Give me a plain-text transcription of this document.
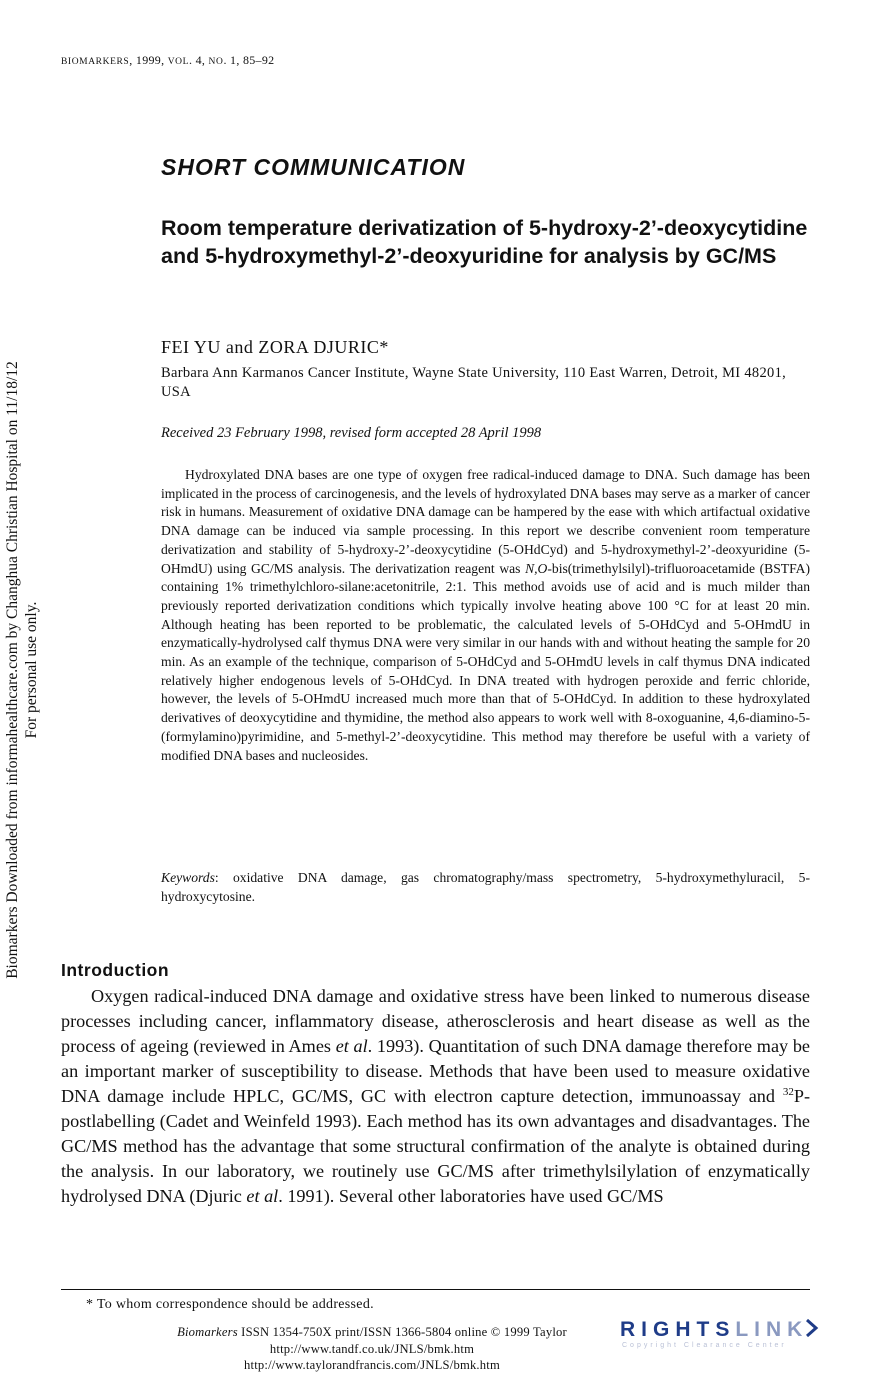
BIOMARKERS, 1999, VOL. 4, NO. 1, 85–92
SHORT COMMUNICATION
Room temperature derivatization of 5-hydroxy-2’-deoxycytidine and 5-hydroxymethyl-2’-deoxyuridine for analysis by GC/MS
FEI YU and ZORA DJURIC*
Barbara Ann Karmanos Cancer Institute, Wayne State University, 110 East Warren, Detroit, MI 48201, USA
Received 23 February 1998, revised form accepted 28 April 1998

Hydroxylated DNA bases are one type of oxygen free radical-induced damage to DNA. Such damage has been implicated in the process of carcinogenesis, and the levels of hydroxylated DNA bases may serve as a marker of cancer risk in humans. Measurement of oxidative DNA damage can be hampered by the ease with which artifactual oxidative DNA damage can be induced via sample processing. In this report we describe convenient room temperature derivatization and stability of 5-hydroxy-2’-deoxycytidine (5-OHdCyd) and 5-hydroxymethyl-2’-deoxyuridine (5-OHmdU) using GC/MS analysis. The derivatization reagent was N,O-bis(trimethylsilyl)-trifluoroacetamide (BSTFA) containing 1% trimethylchloro-silane:acetonitrile, 2:1. This method avoids use of acid and is much milder than previously reported derivatization conditions which typically involve heating above 100 °C for at least 20 min. Although heating has been reported to be problematic, the calculated levels of 5-OHdCyd and 5-OHmdU in enzymatically-hydrolysed calf thymus DNA were very similar in our hands with and without heating the sample for 20 min. As an example of the technique, comparison of 5-OHdCyd and 5-OHmdU levels in calf thymus DNA indicated relatively higher endogenous levels of 5-OHdCyd. In DNA treated with hydrogen peroxide and ferric chloride, however, the levels of 5-OHmdU increased much more than that of 5-OHdCyd. In addition to these hydroxylated derivatives of deoxycytidine and thymidine, the method also appears to work well with 8-oxoguanine, 4,6-diamino-5-(formylamino)pyrimidine, and 5-methyl-2’-deoxycytidine. This method may therefore be useful with a variety of modified DNA bases and nucleosides.

Keywords: oxidative DNA damage, gas chromatography/mass spectrometry, 5-hydroxymethyluracil, 5-hydroxycytosine.

Introduction

Oxygen radical-induced DNA damage and oxidative stress have been linked to numerous disease processes including cancer, inflammatory disease, atherosclerosis and heart disease as well as the process of ageing (reviewed in Ames et al. 1993). Quantitation of such DNA damage therefore may be an important marker of susceptibility to disease. Methods that have been used to measure oxidative DNA damage include HPLC, GC/MS, GC with electron capture detection, immunoassay and $^{32}$P-postlabelling (Cadet and Weinfeld 1993). Each method has its own advantages and disadvantages. The GC/MS method has the advantage that some structural confirmation of the analyte is obtained during the analysis. In our laboratory, we routinely use GC/MS after trimethylsilylation of enzymatically hydrolysed DNA (Djuric et al. 1991). Several other laboratories have used GC/MS

* To whom correspondence should be addressed.
Biomarkers ISSN 1354-750X print/ISSN 1366-5804 online © 1999 Taylor
http://www.tandf.co.uk/JNLS/bmk.htm
http://www.taylorandfrancis.com/JNLS/bmk.htm
RIGHTSLINK
Copyright Clearance Center
Biomarkers Downloaded from informahealthcare.com by Changhua Christian Hospital on 11/18/12 For personal use only.
